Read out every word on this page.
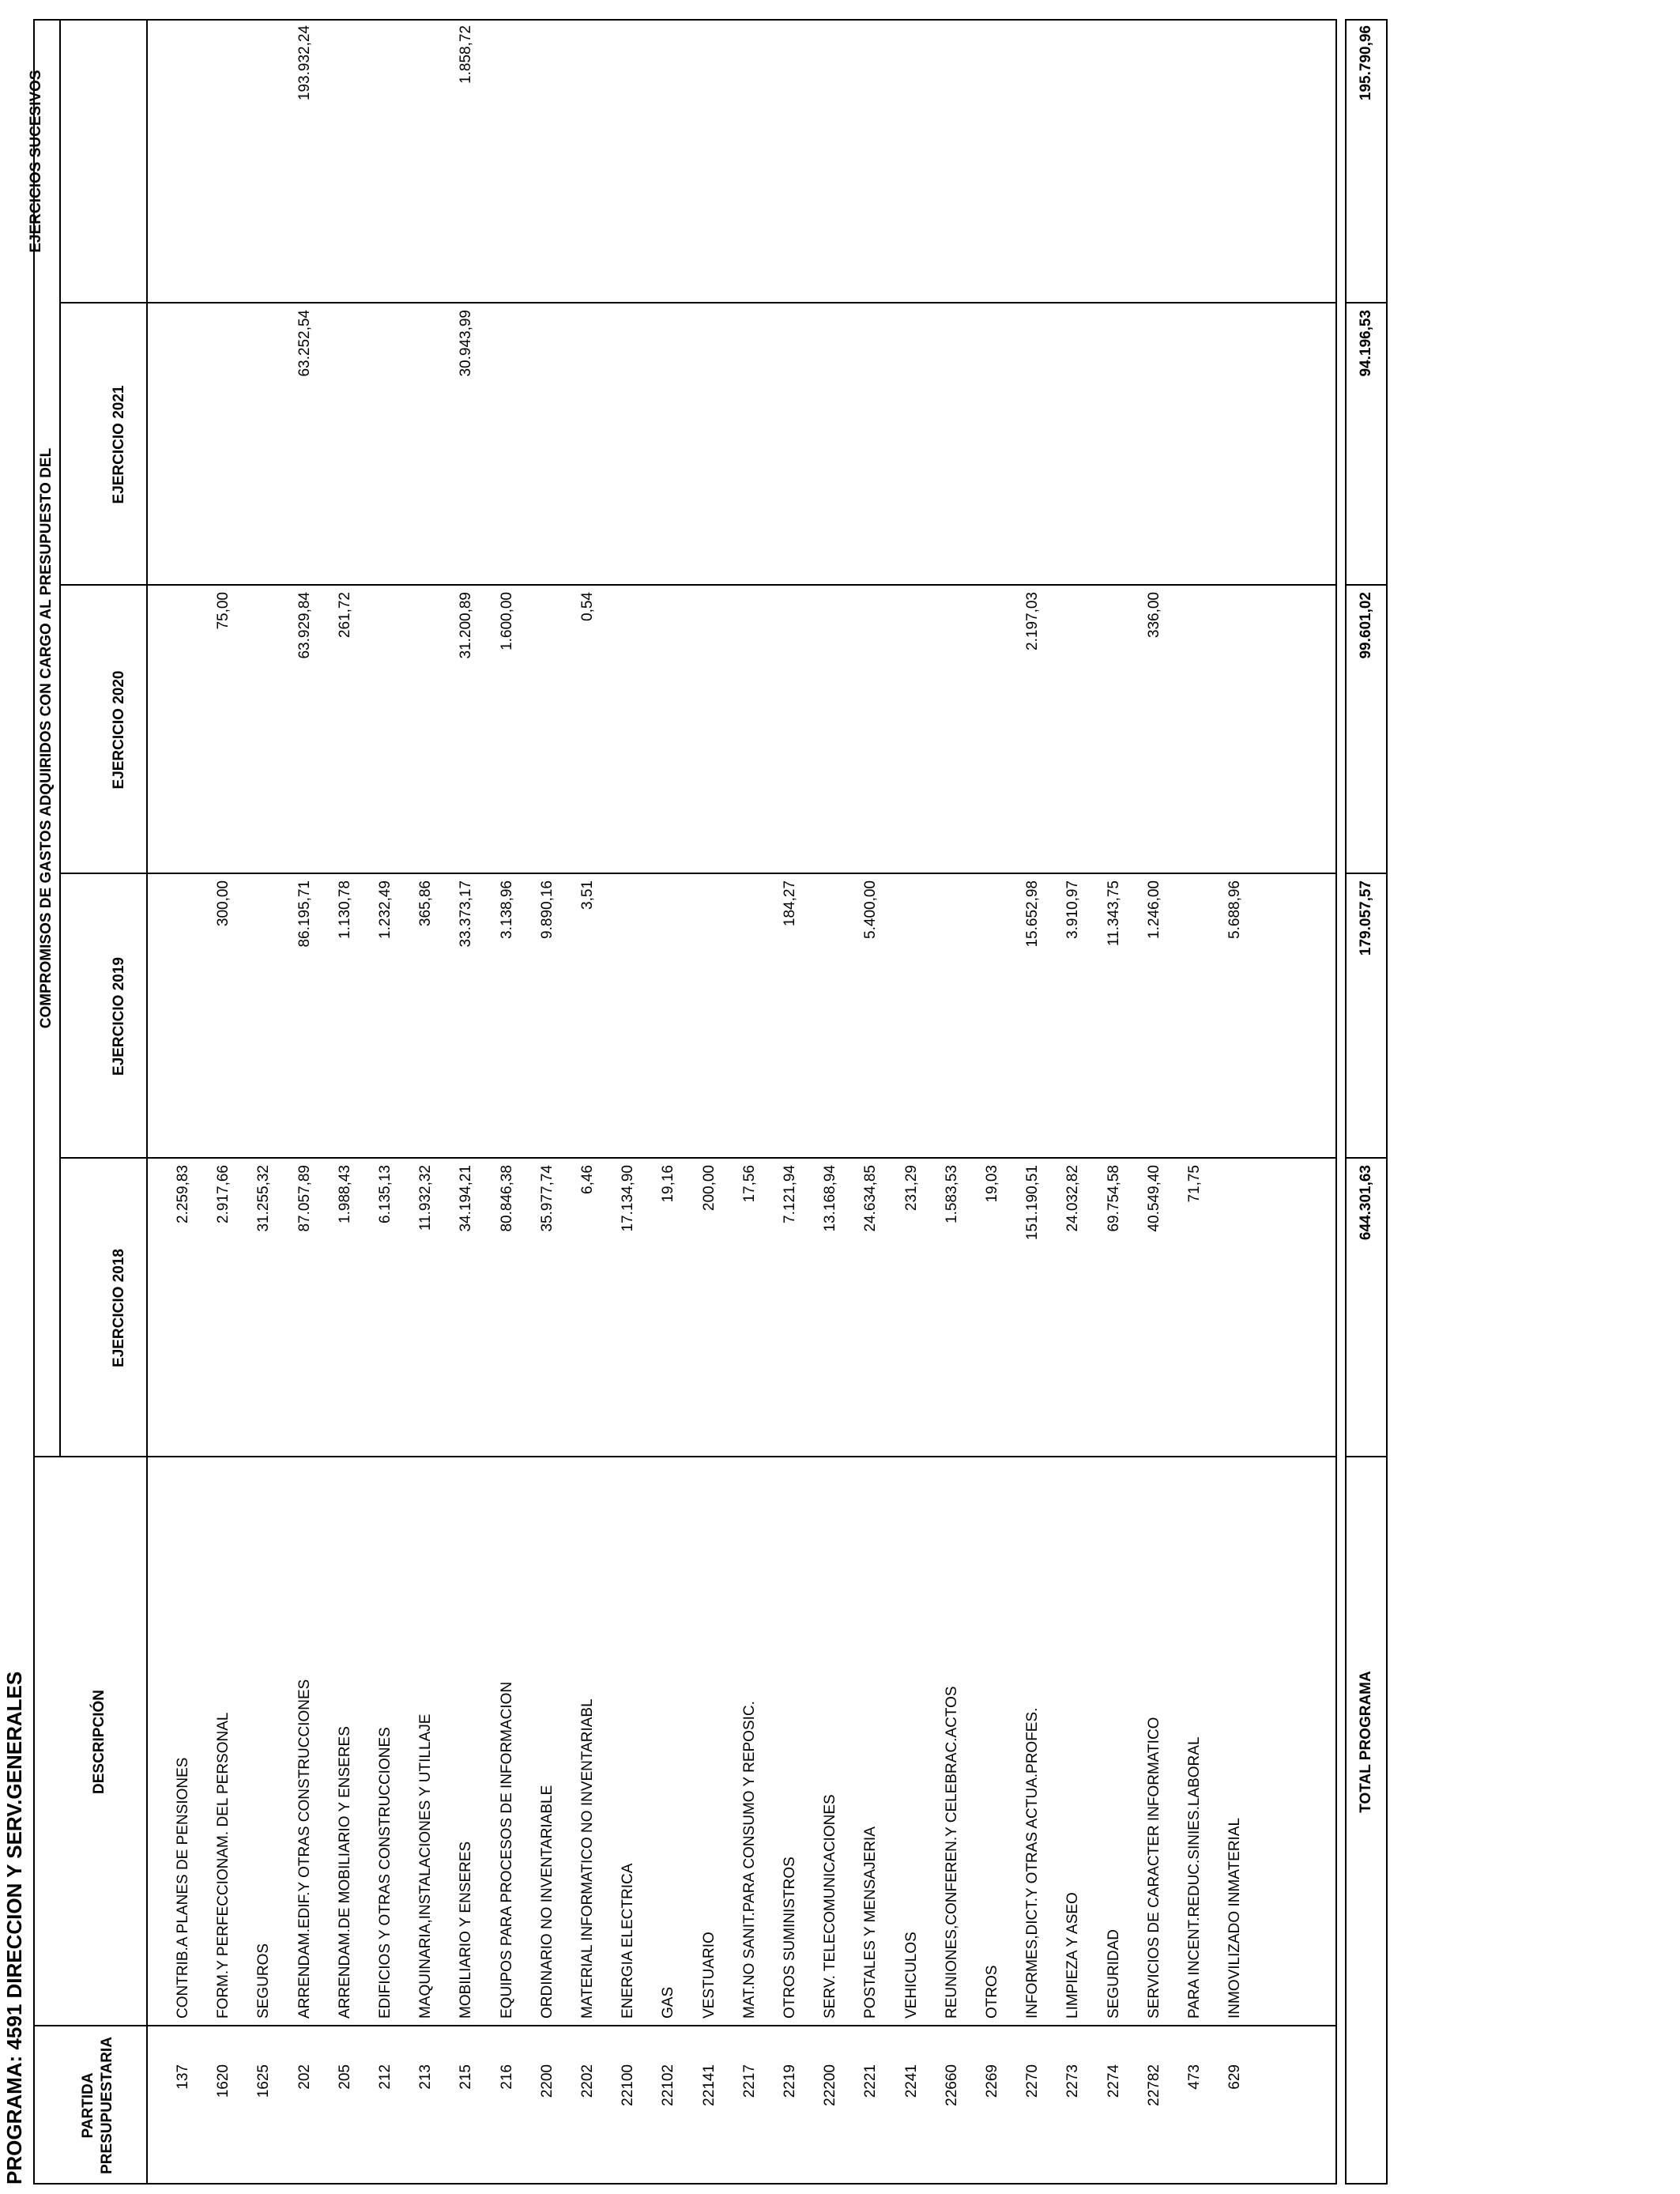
PROGRAMA: 4591 DIRECCION Y SERV.GENERALES	PARTIDA PRESUPUESTARIA
DESCRIPCIÓN
COMPROMISOS DE GASTOS ADQUIRIDOS CON CARGO AL PRESUPUESTO DEL
EJERCICIO 2018
EJERCICIO 2019
EJERCICIO 2020
EJERCICIO 2021
EJERCICIOS SUCESIVOS
137
CONTRIB.A PLANES DE PENSIONES
2.259,83
1620
FORM.Y PERFECCIONAM. DEL PERSONAL
2.917,66
300,00
75,00
1625
SEGUROS
31.255,32
202
ARRENDAM.EDIF.Y OTRAS CONSTRUCCIONES
87.057,89
86.195,71
63.929,84
63.252,54
193.932,24
205
ARRENDAM.DE MOBILIARIO Y ENSERES
1.988,43
1.130,78
261,72
212
EDIFICIOS Y OTRAS CONSTRUCCIONES
6.135,13
1.232,49
213
MAQUINARIA,INSTALACIONES Y UTILLAJE
11.932,32
365,86
215
MOBILIARIO Y ENSERES
34.194,21
33.373,17
31.200,89
30.943,99
1.858,72
216
EQUIPOS PARA PROCESOS DE INFORMACION
80.846,38
3.138,96
1.600,00
2200
ORDINARIO NO INVENTARIABLE
35.977,74
9.890,16
2202
MATERIAL INFORMATICO NO INVENTARIABL
6,46
3,51
0,54
22100
ENERGIA ELECTRICA
17.134,90
22102
GAS
19,16
22141
VESTUARIO
200,00
2217
MAT.NO SANIT.PARA CONSUMO Y REPOSIC.
17,56
2219
OTROS SUMINISTROS
7.121,94
184,27
22200
SERV. TELECOMUNICACIONES
13.168,94
2221
POSTALES Y MENSAJERIA
24.634,85
5.400,00
2241
VEHICULOS
231,29
22660
REUNIONES,CONFEREN.Y CELEBRAC.ACTOS
1.583,53
2269
OTROS
19,03
2270
INFORMES,DICT.Y OTRAS ACTUA.PROFES.
151.190,51
15.652,98
2.197,03
2273
LIMPIEZA Y ASEO
24.032,82
3.910,97
2274
SEGURIDAD
69.754,58
11.343,75
22782
SERVICIOS DE CARACTER INFORMATICO
40.549,40
1.246,00
336,00
473
PARA INCENT.REDUC.SINIES.LABORAL
71,75
629
INMOVILIZADO INMATERIAL
5.688,96
TOTAL PROGRAMA
644.301,63
179.057,57
99.601,02
94.196,53
195.790,96
